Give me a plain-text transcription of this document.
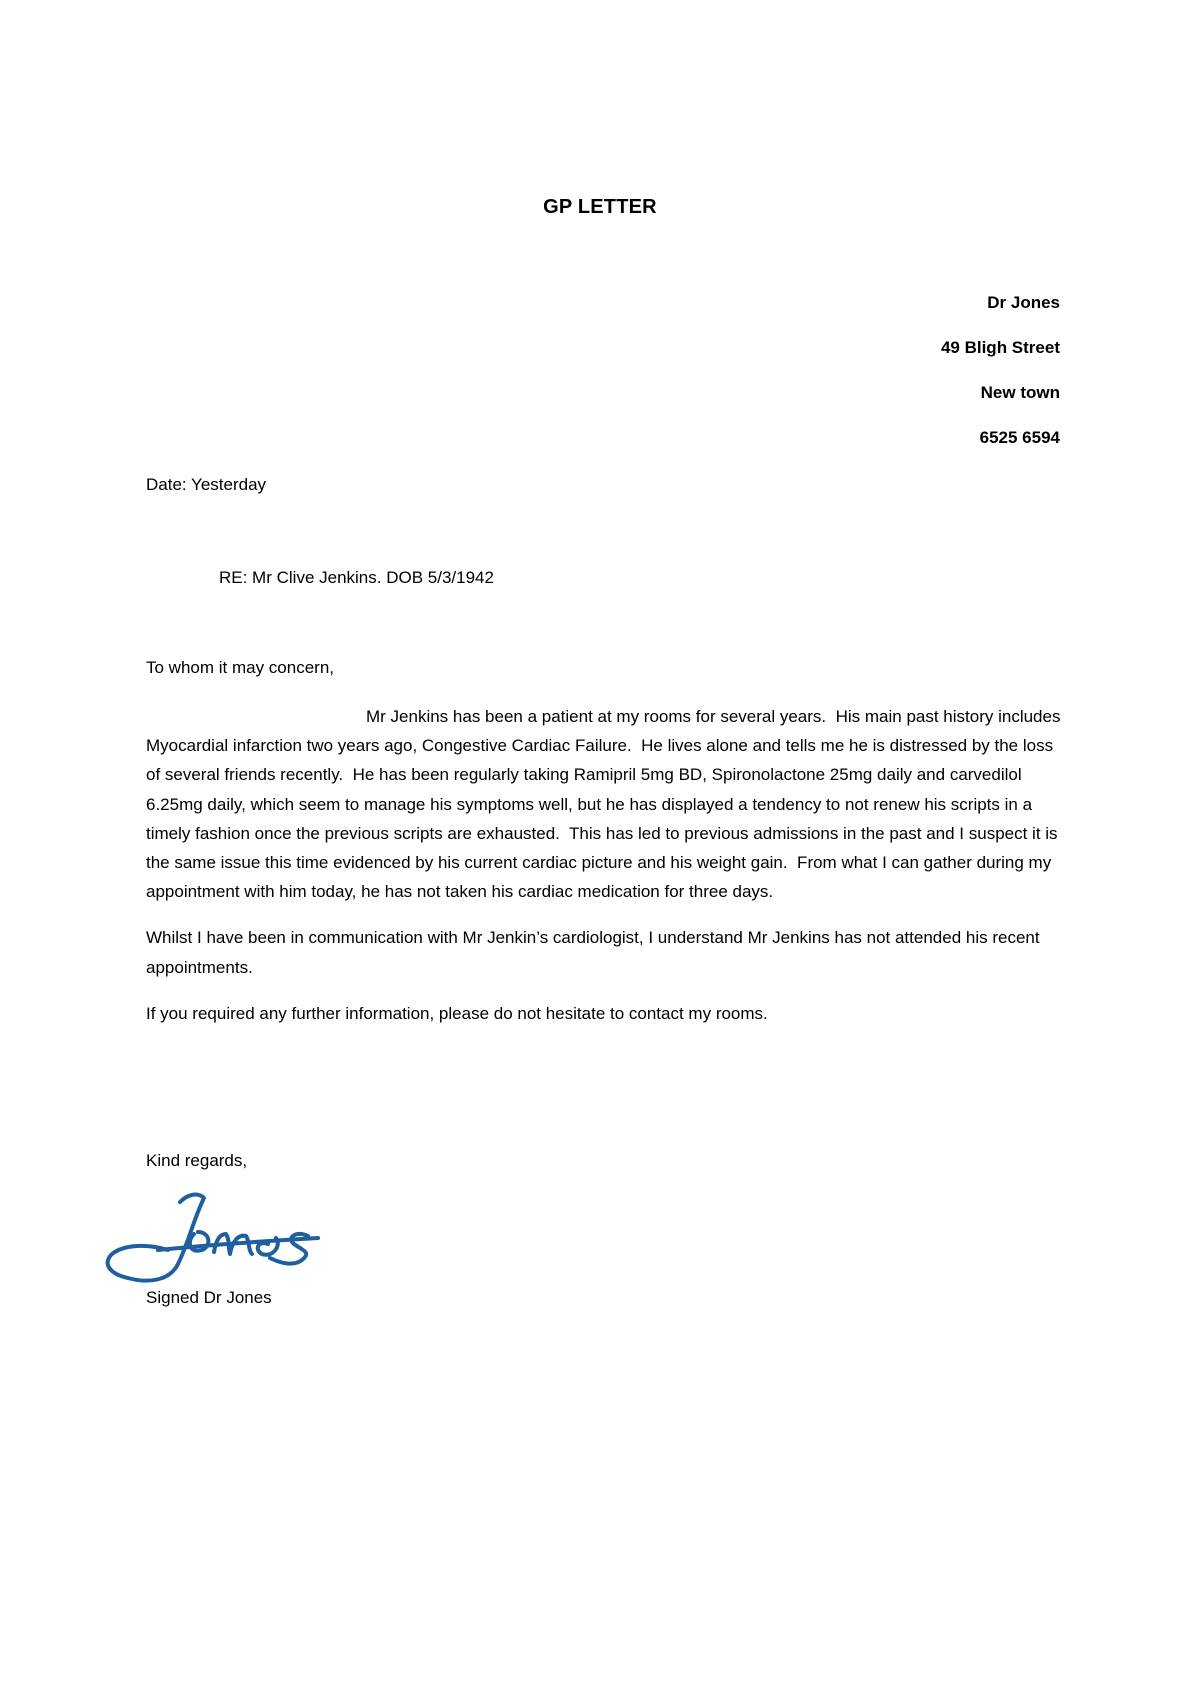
GP LETTER
Dr Jones
49 Bligh Street
New town
6525 6594
Date: Yesterday
RE: Mr Clive Jenkins. DOB 5/3/1942
To whom it may concern,

Mr Jenkins has been a patient at my rooms for several years.  His main past history includes Myocardial infarction two years ago, Congestive Cardiac Failure.  He lives alone and tells me he is distressed by the loss of several friends recently.  He has been regularly taking Ramipril 5mg BD, Spironolactone 25mg daily and carvedilol 6.25mg daily, which seem to manage his symptoms well, but he has displayed a tendency to not renew his scripts in a timely fashion once the previous scripts are exhausted.  This has led to previous admissions in the past and I suspect it is the same issue this time evidenced by his current cardiac picture and his weight gain.  From what I can gather during my appointment with him today, he has not taken his cardiac medication for three days.

Whilst I have been in communication with Mr Jenkin’s cardiologist, I understand Mr Jenkins has not attended his recent appointments.

If you required any further information, please do not hesitate to contact my rooms.

Kind regards,
Signed Dr Jones
